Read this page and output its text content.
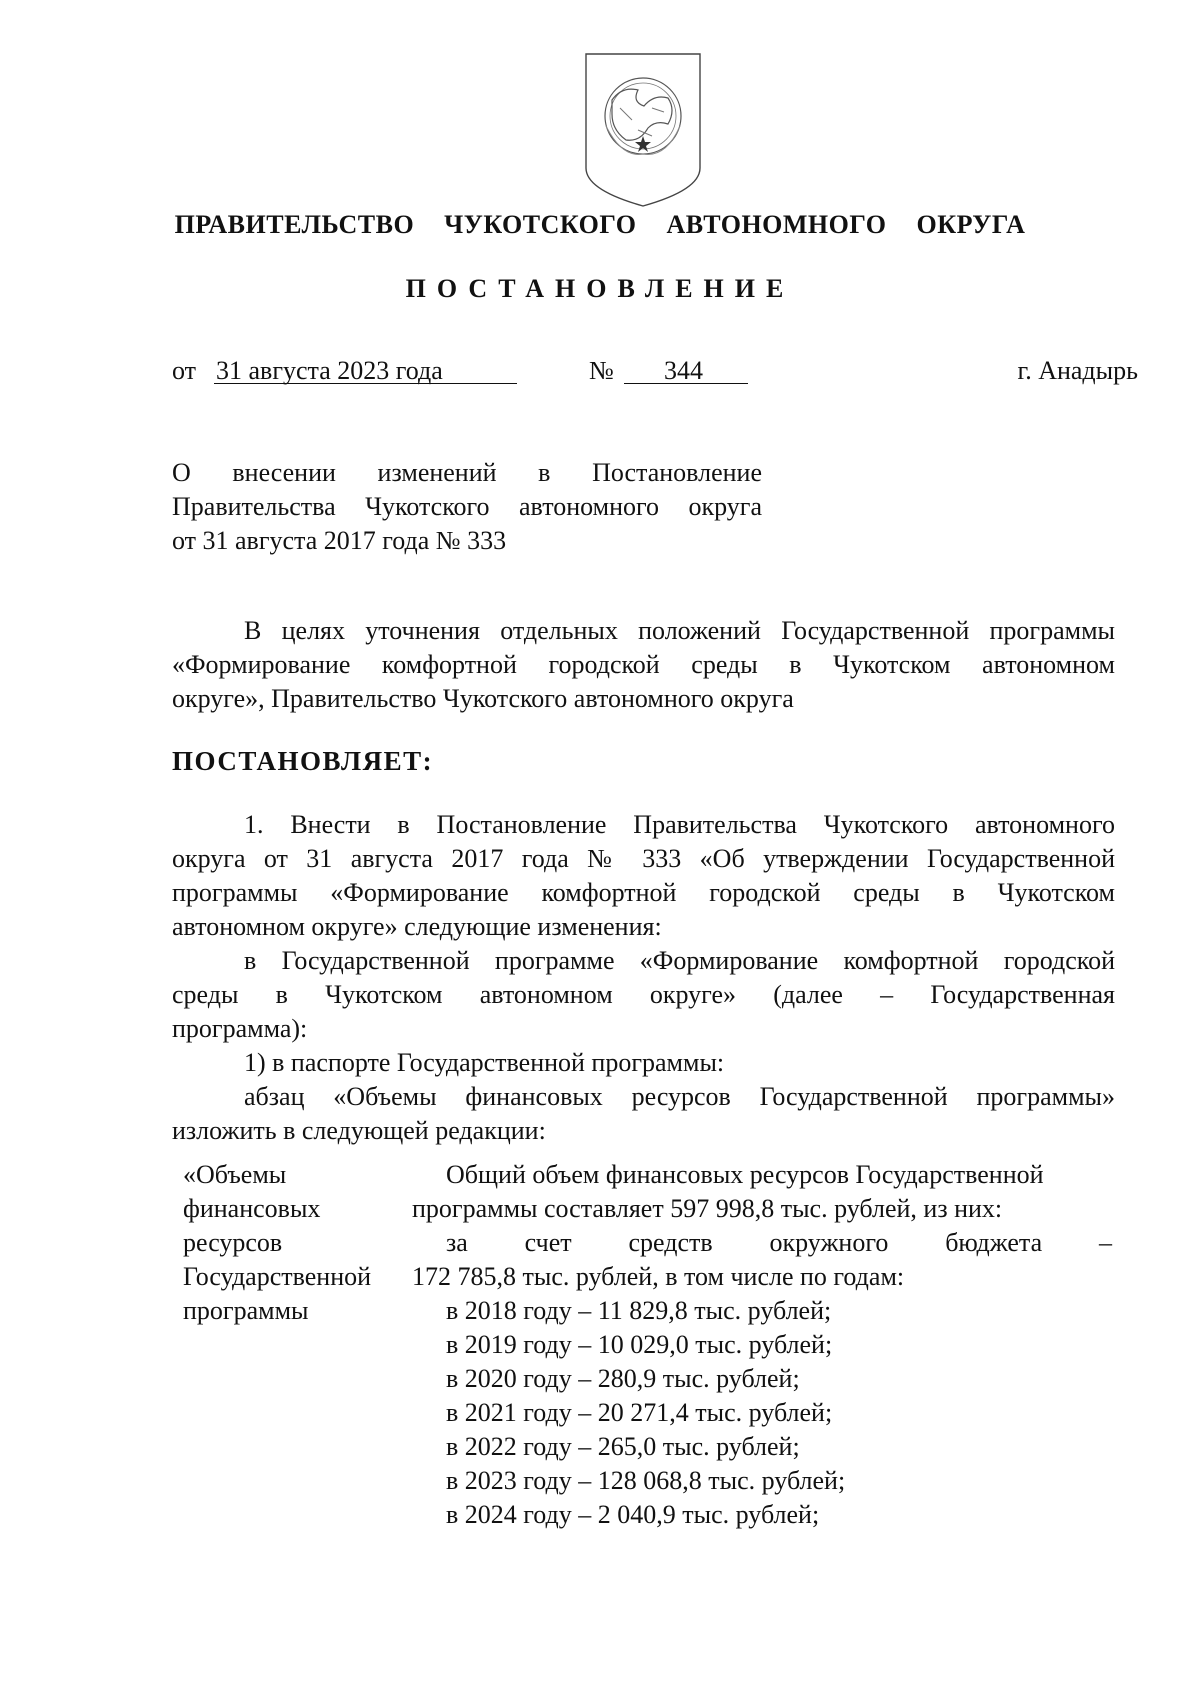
ПРАВИТЕЛЬСТВО  ЧУКОТСКОГО  АВТОНОМНОГО  ОКРУГА
ПОСТАНОВЛЕНИЕ
от 31 августа 2023 года	№ 344	г. Анадырь
О внесении изменений в Постановление
Правительства Чукотского автономного округа
от 31 августа 2017 года № 333
В целях уточнения отдельных положений Государственной программы
«Формирование комфортной городской среды в Чукотском автономном
округе», Правительство Чукотского автономного округа
ПОСТАНОВЛЯЕТ:
1. Внести в Постановление Правительства Чукотского автономного
округа от 31 августа 2017 года № 333 «Об утверждении Государственной
программы «Формирование комфортной городской среды в Чукотском
автономном округе» следующие изменения:
в Государственной программе «Формирование комфортной городской
среды в Чукотском автономном округе» (далее – Государственная
программа):
1) в паспорте Государственной программы:
абзац «Объемы финансовых ресурсов Государственной программы»
изложить в следующей редакции:
«Объемы
финансовых
ресурсов
Государственной
программы
Общий объем финансовых ресурсов Государственной
программы составляет 597 998,8 тыс. рублей, из них:
за счет средств окружного бюджета –
172 785,8 тыс. рублей, в том числе по годам:
в 2018 году – 11 829,8 тыс. рублей;
в 2019 году – 10 029,0 тыс. рублей;
в 2020 году – 280,9 тыс. рублей;
в 2021 году – 20 271,4 тыс. рублей;
в 2022 году – 265,0 тыс. рублей;
в 2023 году – 128 068,8 тыс. рублей;
в 2024 году – 2 040,9 тыс. рублей;
